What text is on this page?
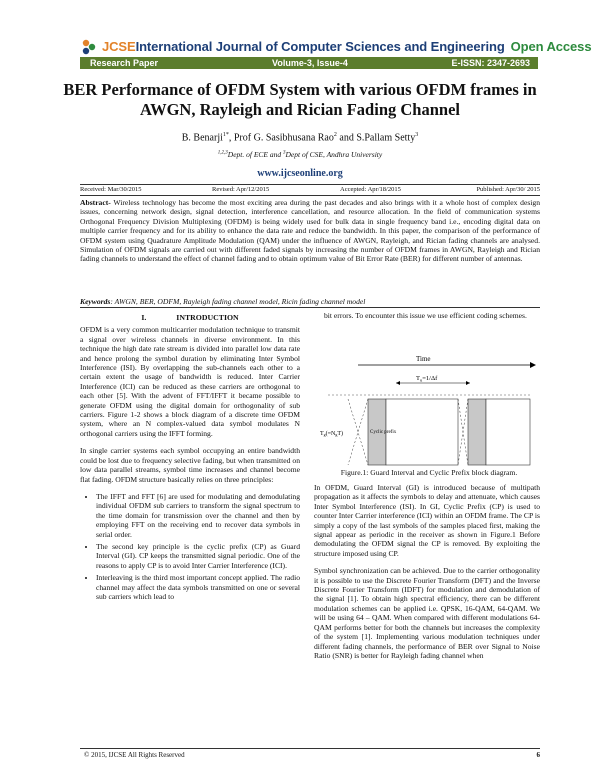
JCSEInternational Journal of Computer Sciences and Engineering Open Access
Research Paper	Volume-3, Issue-4	E-ISSN: 2347-2693
BER Performance of OFDM System with various OFDM frames in AWGN, Rayleigh and Rician Fading Channel
B. Benarji$^{1*}$, Prof G. Sasibhusana Rao$^2$ and S.Pallam Setty$^3$
$^{1,2,3}$Dept. of ECE and $^3$Dept of CSE, Andhra University
www.ijcseonline.org
Received: Mar/30/2015	Revised: Apr/12/2015	Accepted: Apr/18/2015	Published: Apr/30/ 2015
Abstract- Wireless technology has become the most exciting area during the past decades and also brings with it a whole host of complex design issues, concerning network design, signal detection, interference cancellation, and resource allocation. In the field of communication systems Orthogonal Frequency Division Multiplexing (OFDM) is being widely used for bulk data in single frequency band i.e., encoding digital data on multiple carrier frequency and for its ability to enhance the data rate and reduce the bandwidth. In this paper, the comparison of the performance of OFDM system using Quadrature Amplitude Modulation (QAM) under the influence of AWGN, Rayleigh, and Rician fading channels are analysed. Simulation of OFDM signals are carried out with different faded signals by increasing the number of OFDM frames in AWGN, Rayleigh and Rician fading channels to understand the effect of channel fading and to obtain optimum value of Bit Error Rate (BER) for different number of antennas.
Keywords: AWGN, BER, ODFM, Rayleigh fading channel model, Ricin fading channel model
I.	INTRODUCTION

OFDM is a very common multicarrier modulation technique to transmit a signal over wireless channels in diverse environment. In this technique the high date rate stream is divided into parallel low data rate and hence prolong the symbol duration by eliminating Inter Symbol Interference (ISI). By overlapping the sub-channels each other to a certain extent the usage of bandwidth is reduced. Inter Carrier Interference (ICI) can be reduced as these carriers are orthogonal to each other [5]. With the advent of FFT/IFFT it became possible to generate OFDM using the digital domain for orthogonality of sub carriers. Figure 1-2 shows a block diagram of a discrete time OFDM system, where an N complex-valued data symbol modulates N orthogonal carriers using the IFFT forming.

In single carrier systems each symbol occupying an entire bandwidth could be lost due to frequency selective fading, but when transmitted on low data parallel streams, symbol time increases and channel become flat fading. OFDM structure basically relies on three principles:

• The IFFT and FFT [6] are used for modulating and demodulating individual OFDM sub carriers to transform the signal spectrum to the time domain for transmission over the channel and then by employing FFT on the receiving end to recover data symbols in serial order.
• The second key principle is the cyclic prefix (CP) as Guard Interval (GI). CP keeps the transmitted signal periodic. One of the reasons to apply CP is to avoid Inter Carrier Interference (ICI).
• Interleaving is the third most important concept applied. The radio channel may affect the data symbols transmitted on one or several sub carriers which lead to

bit errors. To encounter this issue we use efficient coding schemes.

Time
$T_u=1/\Delta f$
Tg(=NgT)	Cyclic prefix
Figure.1: Guard Interval and Cyclic Prefix block diagram.

In OFDM, Guard Interval (GI) is introduced because of multipath propagation as it affects the symbols to delay and attenuate, which causes Inter Symbol Interference (ISI). In GI, Cyclic Prefix (CP) is used to counter Inter Carrier interference (ICI) within an OFDM frame. The CP is simply a copy of the last symbols of the samples placed first, making the signal appear as periodic in the receiver as shown in Figure.1 Before demodulating the OFDM signal the CP is removed. By exploiting the structure imposed using CP.

Symbol synchronization can be achieved. Due to the carrier orthogonality it is possible to use the Discrete Fourier Transform (DFT) and the Inverse Discrete Fourier Transform (IDFT) for modulation and demodulation of the signal [1]. To obtain high spectral efficiency, there can be different modulation schemes can be applied i.e. QPSK, 16-QAM, 64-QAM. We will be using 64 – QAM. When compared with different modulations 64-QAM performs better for both the channels but increases the complexity of the system [1]. Implementing various modulation techniques under different fading channels, the performance of BER over Signal to Noise Ratio (SNR) is better for Rayleigh fading channel when

© 2015, IJCSE All Rights Reserved	6
